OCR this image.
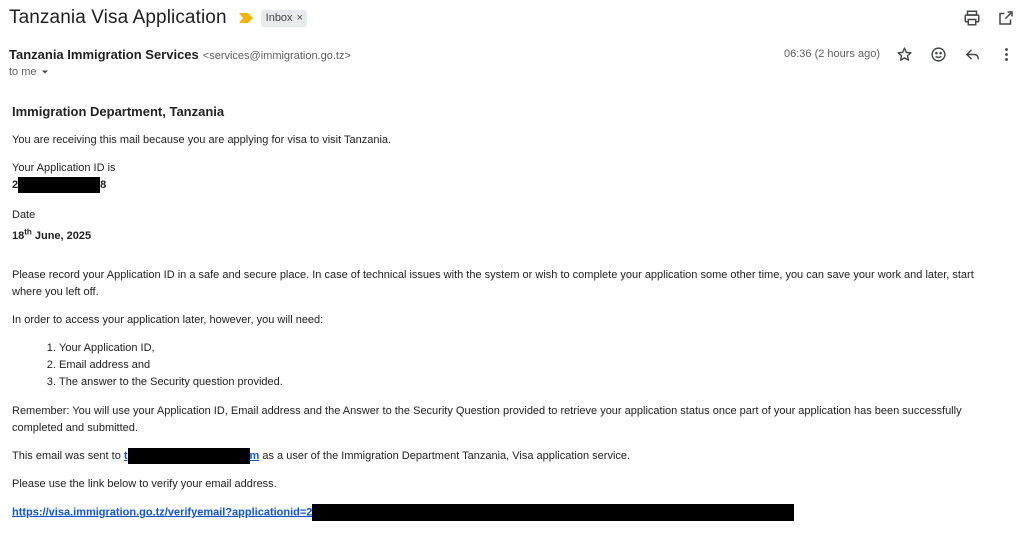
Tanzania Visa Application	Inbox ×
Tanzania Immigration Services <services@immigration.go.tz>
to me
06:36 (2 hours ago)
Immigration Department, Tanzania
You are receiving this mail because you are applying for visa to visit Tanzania.
Your Application ID is
2	8
Date
18th June, 2025
Please record your Application ID in a safe and secure place. In case of technical issues with the system or wish to complete your application some other time, you can save your work and later, start where you left off.
In order to access your application later, however, you will need:
1. Your Application ID,
2. Email address and
3. The answer to the Security question provided.
Remember: You will use your Application ID, Email address and the Answer to the Security Question provided to retrieve your application status once part of your application has been successfully completed and submitted.
This email was sent to t	m as a user of the Immigration Department Tanzania, Visa application service.
Please use the link below to verify your email address.
https://visa.immigration.go.tz/verifyemail?applicationid=2
